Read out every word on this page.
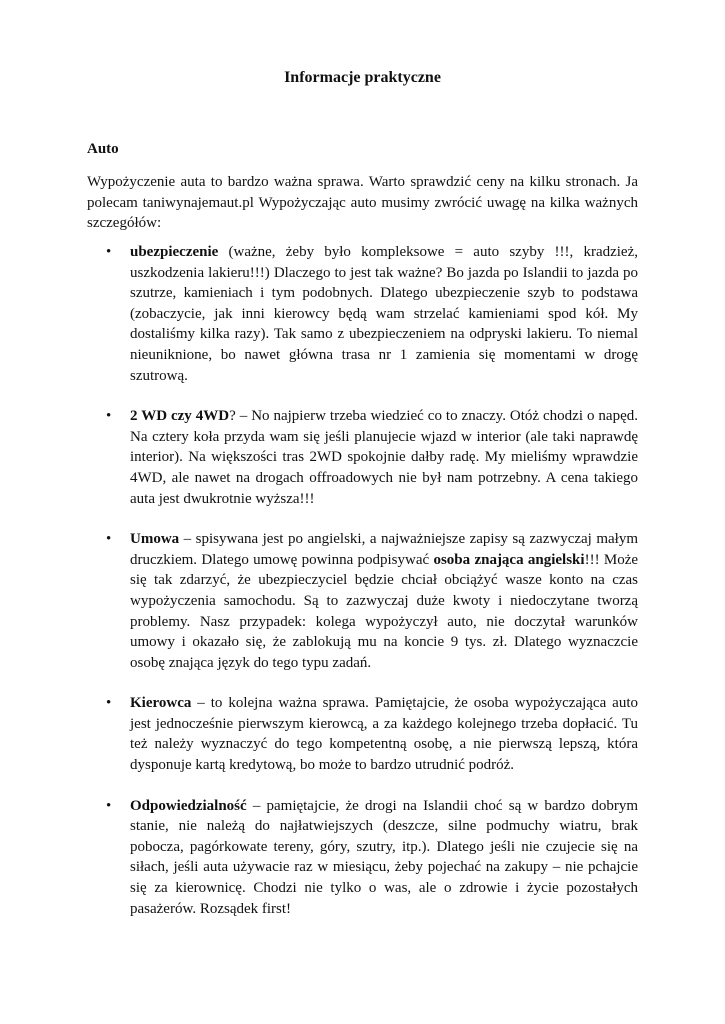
Informacje praktyczne
Auto
Wypożyczenie auta to bardzo ważna sprawa. Warto sprawdzić ceny na kilku stronach. Ja polecam taniwynajemaut.pl Wypożyczając auto musimy zwrócić uwagę na kilka ważnych szczegółów:
• ubezpieczenie (ważne, żeby było kompleksowe = auto szyby !!!, kradzież, uszkodzenia lakieru!!!) Dlaczego to jest tak ważne? Bo jazda po Islandii to jazda po szutrze, kamieniach i tym podobnych. Dlatego ubezpieczenie szyb to podstawa (zobaczycie, jak inni kierowcy będą wam strzelać kamieniami spod kół. My dostaliśmy kilka razy). Tak samo z ubezpieczeniem na odpryski lakieru. To niemal nieuniknione, bo nawet główna trasa nr 1 zamienia się momentami w drogę szutrową.
• 2 WD czy 4WD? – No najpierw trzeba wiedzieć co to znaczy. Otóż chodzi o napęd. Na cztery koła przyda wam się jeśli planujecie wjazd w interior (ale taki naprawdę interior). Na większości tras 2WD spokojnie dałby radę. My mieliśmy wprawdzie 4WD, ale nawet na drogach offroadowych nie był nam potrzebny. A cena takiego auta jest dwukrotnie wyższa!!!
• Umowa – spisywana jest po angielski, a najważniejsze zapisy są zazwyczaj małym druczkiem. Dlatego umowę powinna podpisywać osoba znająca angielski!!! Może się tak zdarzyć, że ubezpieczyciel będzie chciał obciążyć wasze konto na czas wypożyczenia samochodu. Są to zazwyczaj duże kwoty i niedoczytane tworzą problemy. Nasz przypadek: kolega wypożyczył auto, nie doczytał warunków umowy i okazało się, że zablokują mu na koncie 9 tys. zł. Dlatego wyznaczcie osobę znająca język do tego typu zadań.
• Kierowca – to kolejna ważna sprawa. Pamiętajcie, że osoba wypożyczająca auto jest jednocześnie pierwszym kierowcą, a za każdego kolejnego trzeba dopłacić. Tu też należy wyznaczyć do tego kompetentną osobę, a nie pierwszą lepszą, która dysponuje kartą kredytową, bo może to bardzo utrudnić podróż.
• Odpowiedzialność – pamiętajcie, że drogi na Islandii choć są w bardzo dobrym stanie, nie należą do najłatwiejszych (deszcze, silne podmuchy wiatru, brak pobocza, pagórkowate tereny, góry, szutry, itp.). Dlatego jeśli nie czujecie się na siłach, jeśli auta używacie raz w miesiącu, żeby pojechać na zakupy – nie pchajcie się za kierownicę. Chodzi nie tylko o was, ale o zdrowie i życie pozostałych pasażerów. Rozsądek first!
